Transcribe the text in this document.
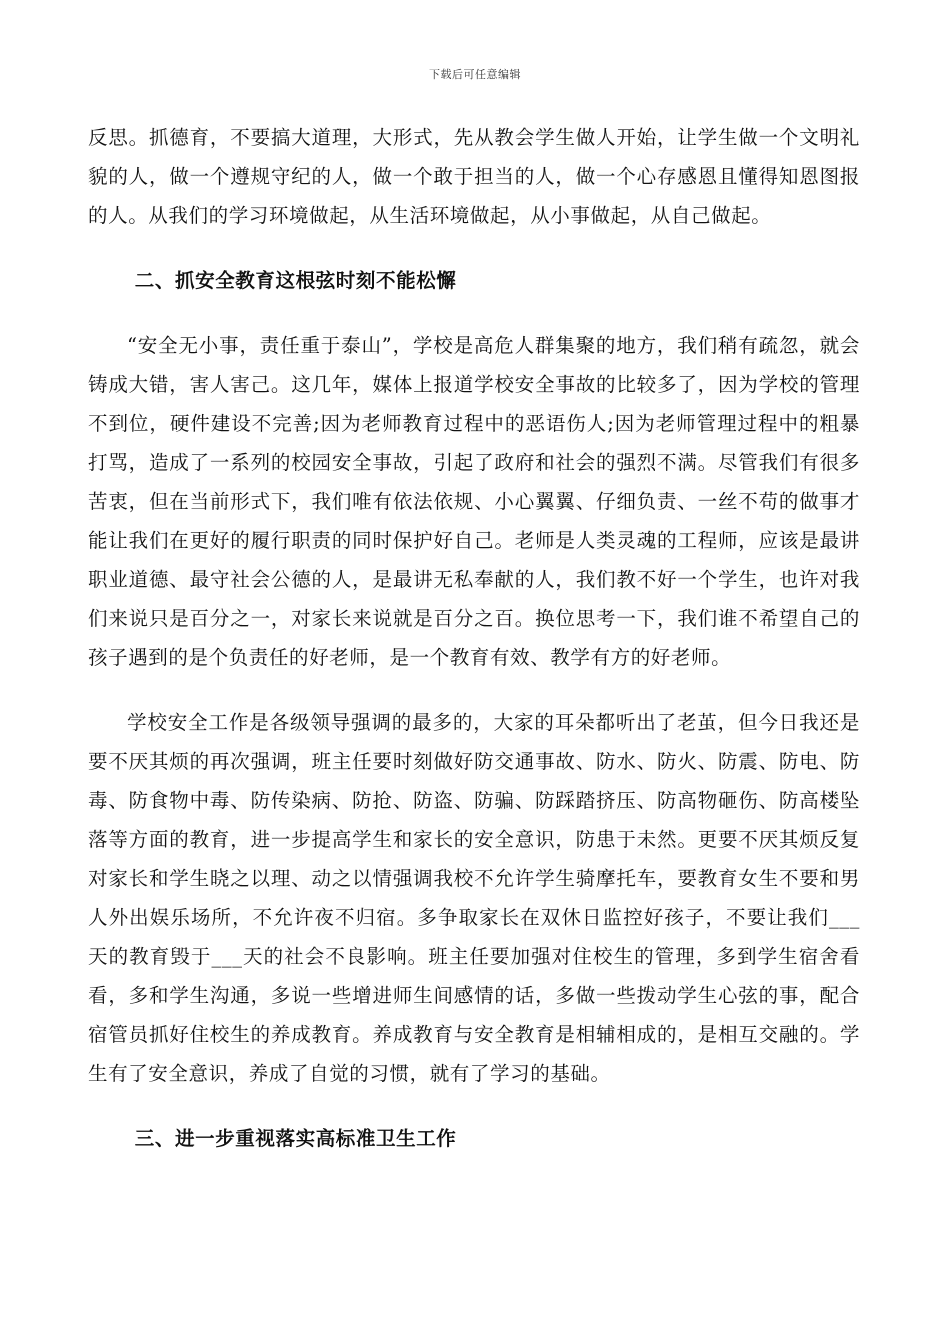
下载后可任意编辑

反思。抓德育，不要搞大道理，大形式，先从教会学生做人开始，让学生做一个文明礼貌的人，做一个遵规守纪的人，做一个敢于担当的人，做一个心存感恩且懂得知恩图报的人。从我们的学习环境做起，从生活环境做起，从小事做起，从自己做起。

二、抓安全教育这根弦时刻不能松懈

“安全无小事，责任重于泰山”，学校是高危人群集聚的地方，我们稍有疏忽，就会铸成大错，害人害己。这几年，媒体上报道学校安全事故的比较多了，因为学校的管理不到位，硬件建设不完善;因为老师教育过程中的恶语伤人;因为老师管理过程中的粗暴打骂，造成了一系列的校园安全事故，引起了政府和社会的强烈不满。尽管我们有很多苦衷，但在当前形式下，我们唯有依法依规、小心翼翼、仔细负责、一丝不苟的做事才能让我们在更好的履行职责的同时保护好自己。老师是人类灵魂的工程师，应该是最讲职业道德、最守社会公德的人，是最讲无私奉献的人，我们教不好一个学生，也许对我们来说只是百分之一，对家长来说就是百分之百。换位思考一下，我们谁不希望自己的孩子遇到的是个负责任的好老师，是一个教育有效、教学有方的好老师。

学校安全工作是各级领导强调的最多的，大家的耳朵都听出了老茧，但今日我还是要不厌其烦的再次强调，班主任要时刻做好防交通事故、防水、防火、防震、防电、防毒、防食物中毒、防传染病、防抢、防盗、防骗、防踩踏挤压、防高物砸伤、防高楼坠落等方面的教育，进一步提高学生和家长的安全意识，防患于未然。更要不厌其烦反复对家长和学生晓之以理、动之以情强调我校不允许学生骑摩托车，要教育女生不要和男人外出娱乐场所，不允许夜不归宿。多争取家长在双休日监控好孩子，不要让我们___天的教育毁于___天的社会不良影响。班主任要加强对住校生的管理，多到学生宿舍看看，多和学生沟通，多说一些增进师生间感情的话，多做一些拨动学生心弦的事，配合宿管员抓好住校生的养成教育。养成教育与安全教育是相辅相成的，是相互交融的。学生有了安全意识，养成了自觉的习惯，就有了学习的基础。

三、进一步重视落实高标准卫生工作
